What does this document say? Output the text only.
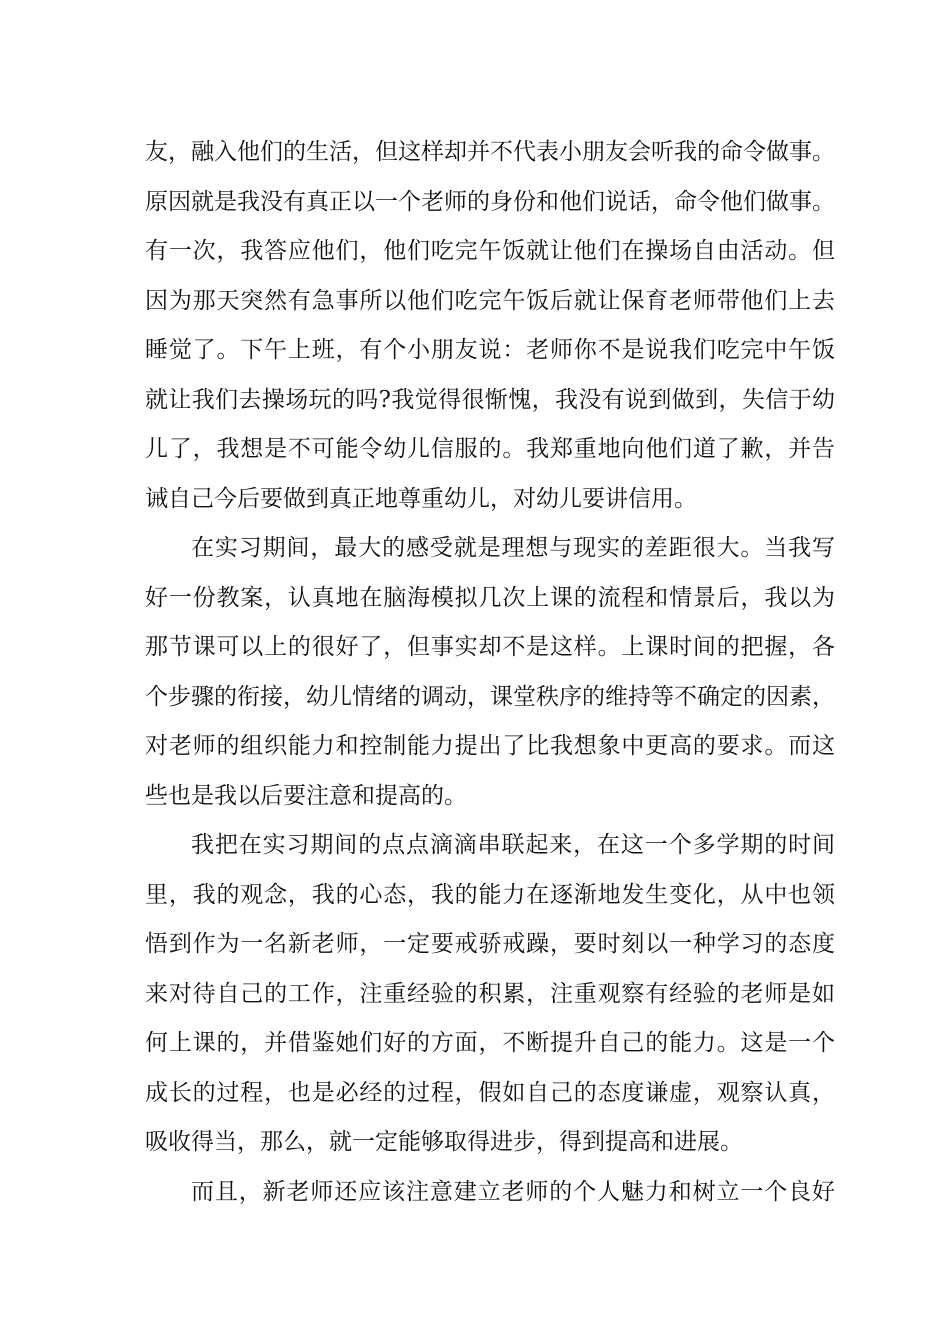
友，融入他们的生活，但这样却并不代表小朋友会听我的命令做事。
原因就是我没有真正以一个老师的身份和他们说话，命令他们做事。
有一次，我答应他们，他们吃完午饭就让他们在操场自由活动。但
因为那天突然有急事所以他们吃完午饭后就让保育老师带他们上去
睡觉了。下午上班，有个小朋友说：老师你不是说我们吃完中午饭
就让我们去操场玩的吗?我觉得很惭愧，我没有说到做到，失信于幼
儿了，我想是不可能令幼儿信服的。我郑重地向他们道了歉，并告
诫自己今后要做到真正地尊重幼儿，对幼儿要讲信用。
在实习期间，最大的感受就是理想与现实的差距很大。当我写
好一份教案，认真地在脑海模拟几次上课的流程和情景后，我以为
那节课可以上的很好了，但事实却不是这样。上课时间的把握，各
个步骤的衔接，幼儿情绪的调动，课堂秩序的维持等不确定的因素，
对老师的组织能力和控制能力提出了比我想象中更高的要求。而这
些也是我以后要注意和提高的。
我把在实习期间的点点滴滴串联起来，在这一个多学期的时间
里，我的观念，我的心态，我的能力在逐渐地发生变化，从中也领
悟到作为一名新老师，一定要戒骄戒躁，要时刻以一种学习的态度
来对待自己的工作，注重经验的积累，注重观察有经验的老师是如
何上课的，并借鉴她们好的方面，不断提升自己的能力。这是一个
成长的过程，也是必经的过程，假如自己的态度谦虚，观察认真，
吸收得当，那么，就一定能够取得进步，得到提高和进展。
而且，新老师还应该注意建立老师的个人魅力和树立一个良好
